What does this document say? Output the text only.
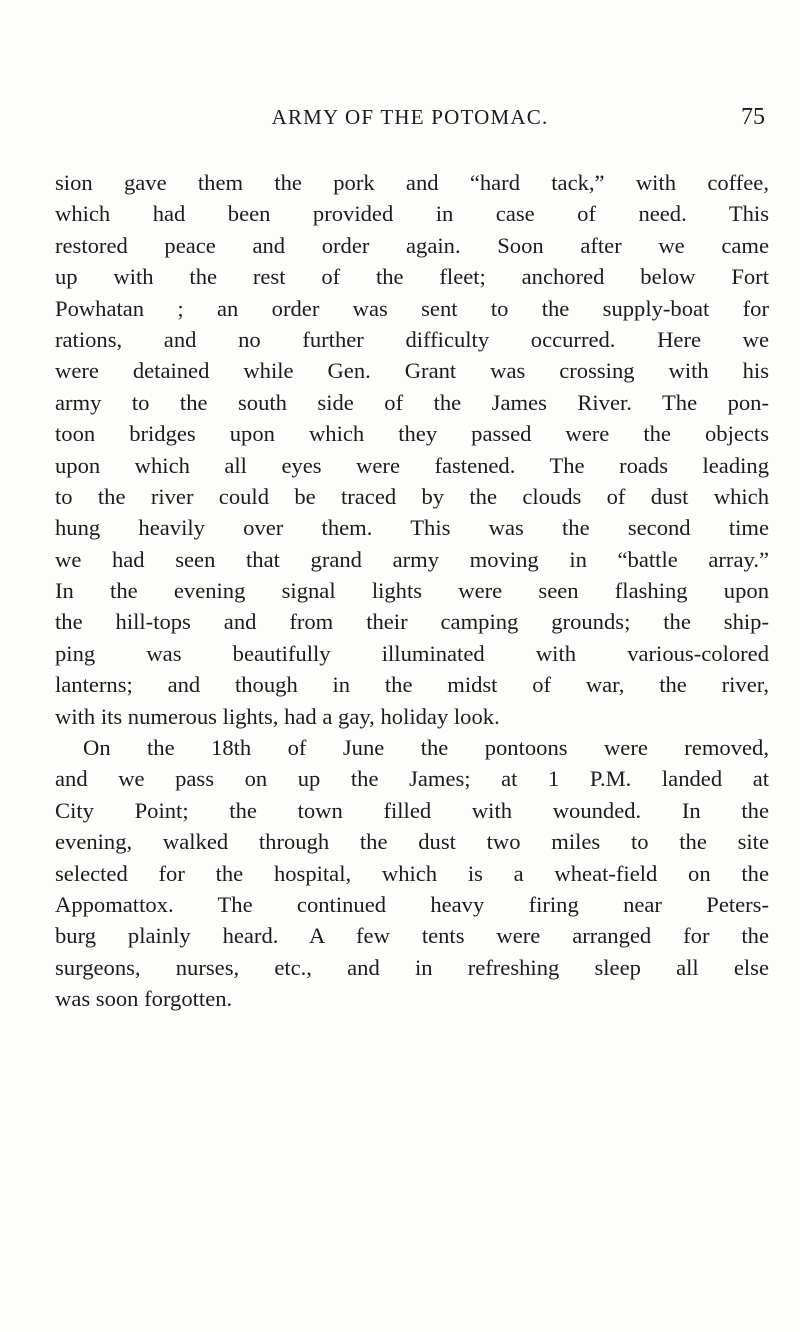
ARMY OF THE POTOMAC.	75
sion gave them the pork and “hard tack,” with coffee,
which had been provided in case of need. This
restored peace and order again. Soon after we came
up with the rest of the fleet; anchored below Fort
Powhatan ; an order was sent to the supply-boat for
rations, and no further difficulty occurred. Here we
were detained while Gen. Grant was crossing with his
army to the south side of the James River. The pon-
toon bridges upon which they passed were the objects
upon which all eyes were fastened. The roads leading
to the river could be traced by the clouds of dust which
hung heavily over them. This was the second time
we had seen that grand army moving in “battle array.”
In the evening signal lights were seen flashing upon
the hill-tops and from their camping grounds; the ship-
ping was beautifully illuminated with various-colored
lanterns; and though in the midst of war, the river,
with its numerous lights, had a gay, holiday look.
On the 18th of June the pontoons were removed,
and we pass on up the James; at 1 P.M. landed at
City Point; the town filled with wounded. In the
evening, walked through the dust two miles to the site
selected for the hospital, which is a wheat-field on the
Appomattox. The continued heavy firing near Peters-
burg plainly heard. A few tents were arranged for the
surgeons, nurses, etc., and in refreshing sleep all else
was soon forgotten.
